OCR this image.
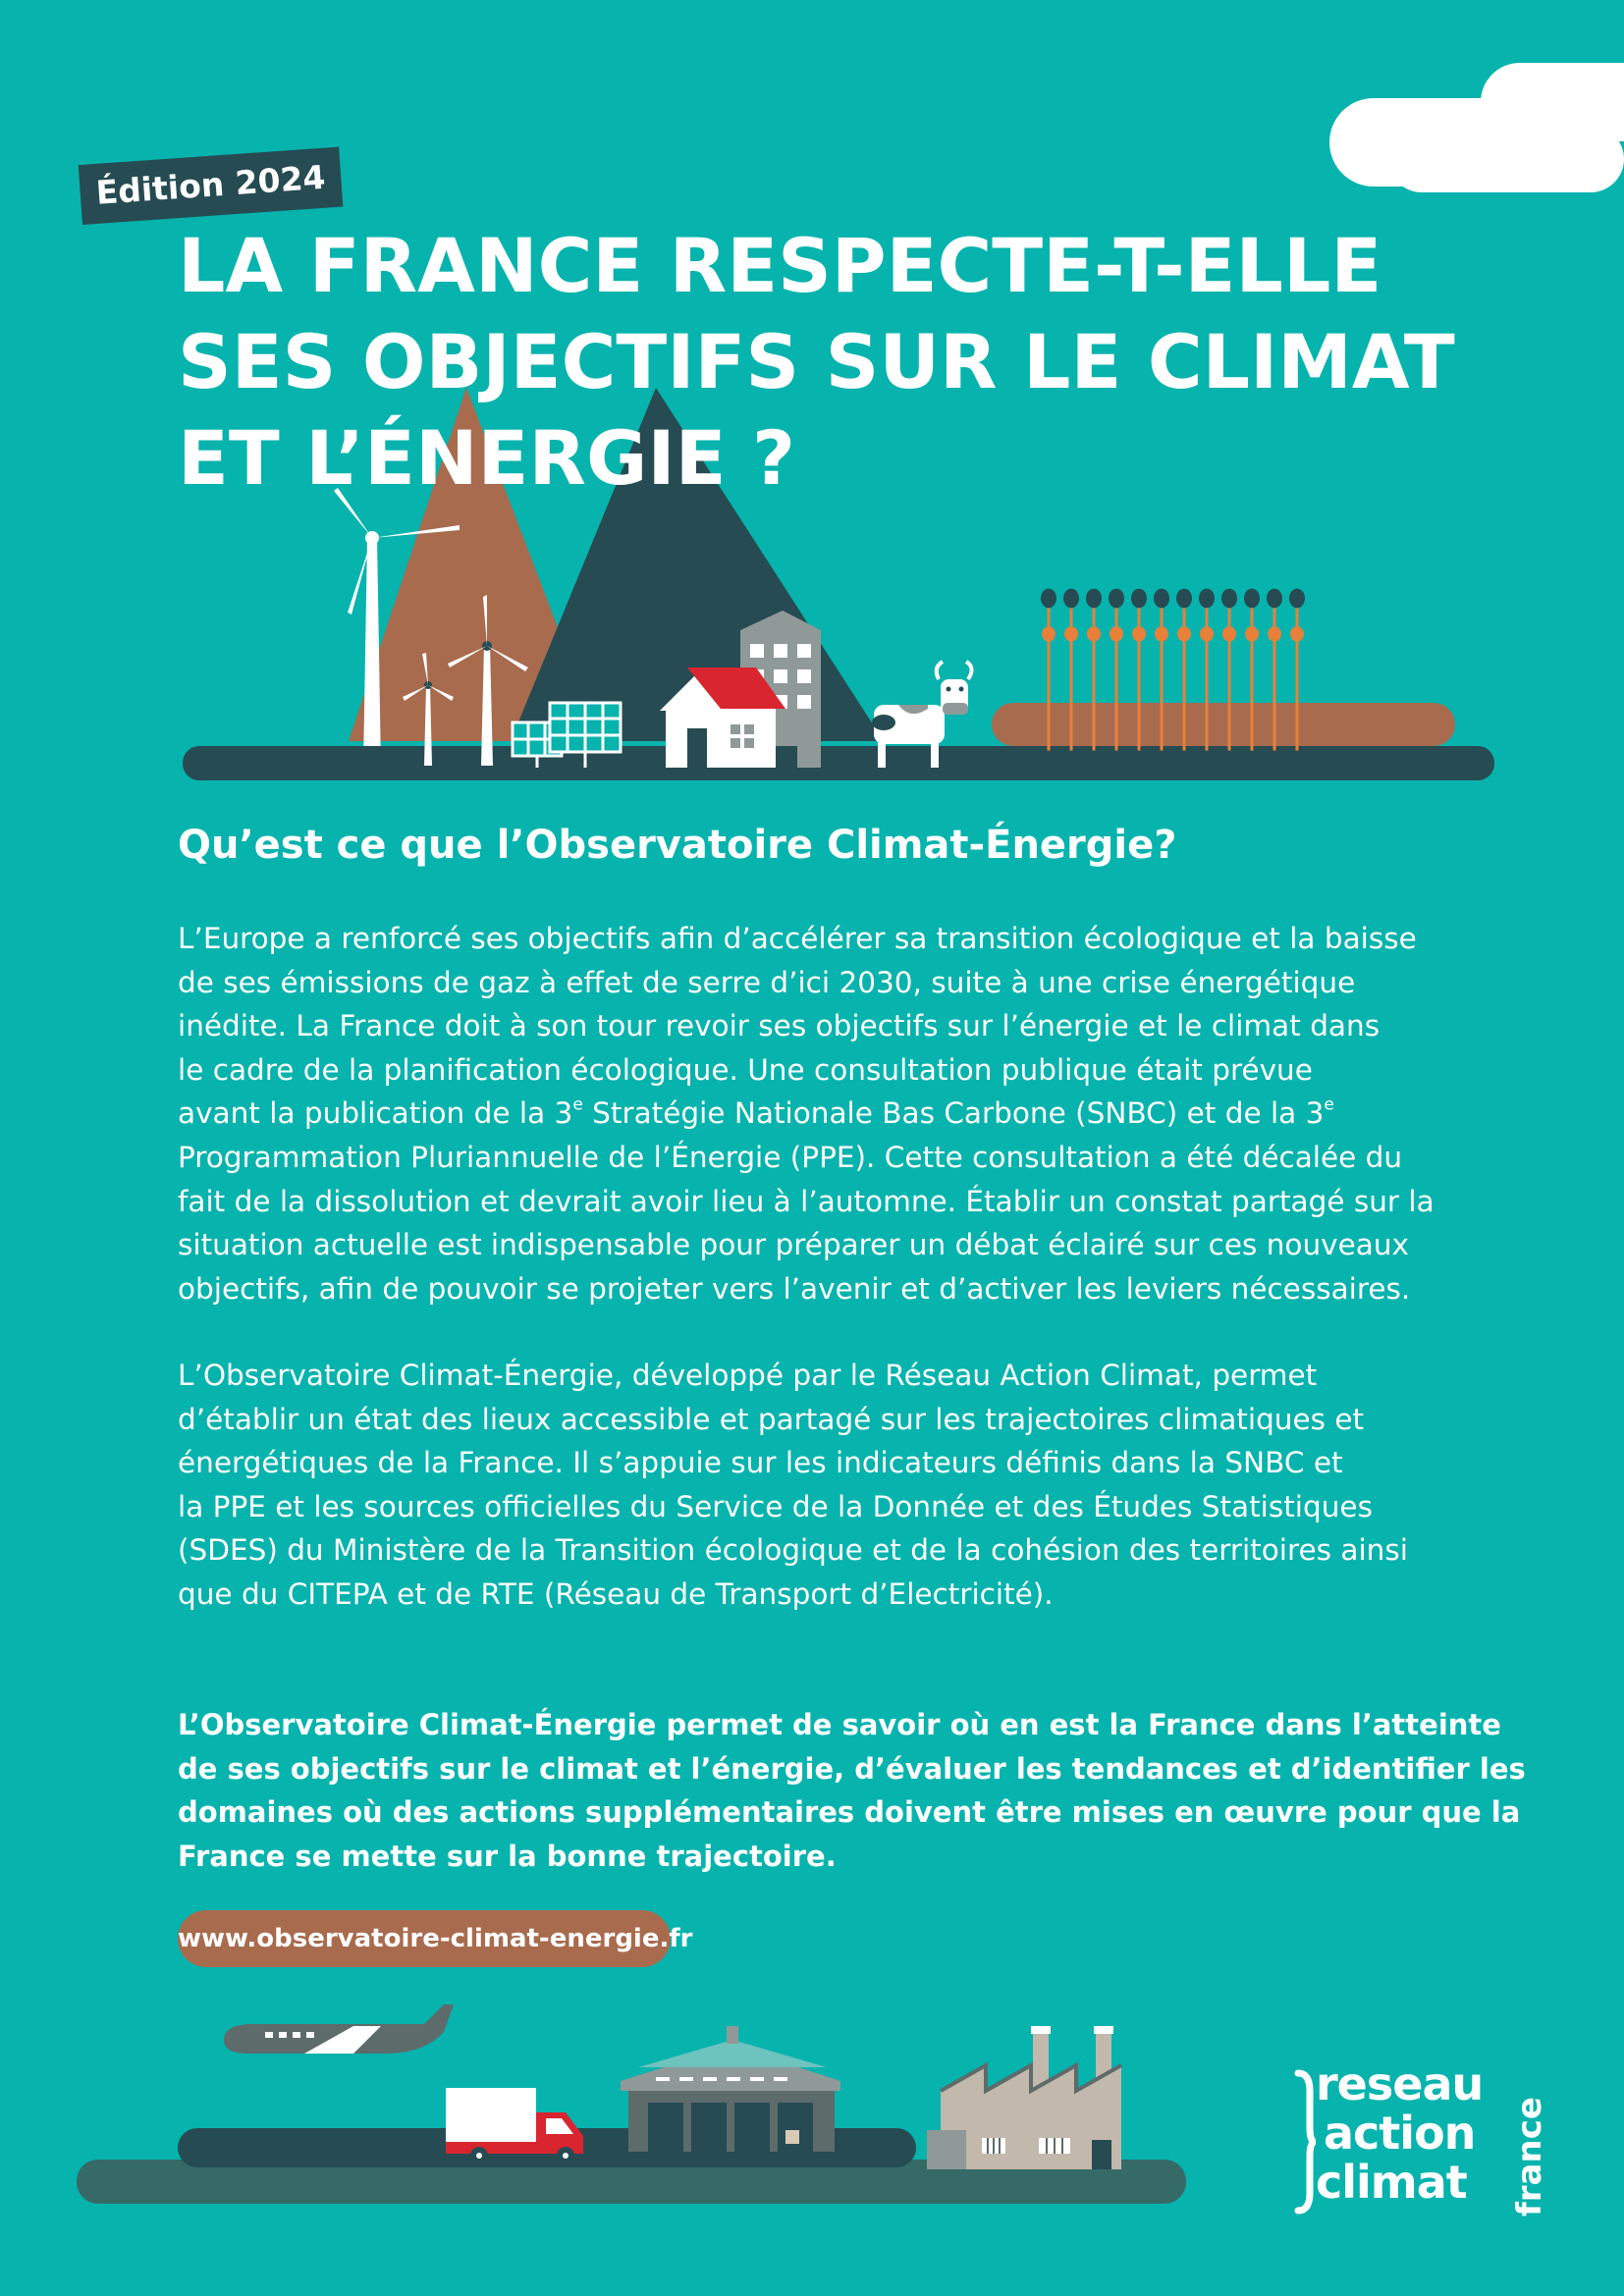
Édition 2024
LA FRANCE RESPECTE-T-ELLE
SES OBJECTIFS SUR LE CLIMAT
ET L’ÉNERGIE ?
Qu’est ce que l’Observatoire Climat-Énergie?
L’Europe a renforcé ses objectifs afin d’accélérer sa transition écologique et la baisse
de ses émissions de gaz à effet de serre d’ici 2030, suite à une crise énergétique
inédite. La France doit à son tour revoir ses objectifs sur l’énergie et le climat dans
le cadre de la planification écologique. Une consultation publique était prévue
avant la publication de la 3e Stratégie Nationale Bas Carbone (SNBC) et de la 3e
Programmation Pluriannuelle de l’Énergie (PPE). Cette consultation a été décalée du
fait de la dissolution et devrait avoir lieu à l’automne. Établir un constat partagé sur la
situation actuelle est indispensable pour préparer un débat éclairé sur ces nouveaux
objectifs, afin de pouvoir se projeter vers l’avenir et d’activer les leviers nécessaires.
L’Observatoire Climat-Énergie, développé par le Réseau Action Climat, permet
d’établir un état des lieux accessible et partagé sur les trajectoires climatiques et
énergétiques de la France. Il s’appuie sur les indicateurs définis dans la SNBC et
la PPE et les sources officielles du Service de la Donnée et des Études Statistiques
(SDES) du Ministère de la Transition écologique et de la cohésion des territoires ainsi
que du CITEPA et de RTE (Réseau de Transport d’Electricité).
L’Observatoire Climat-Énergie permet de savoir où en est la France dans l’atteinte
de ses objectifs sur le climat et l’énergie, d’évaluer les tendances et d’identifier les
domaines où des actions supplémentaires doivent être mises en œuvre pour que la
France se mette sur la bonne trajectoire.
www.observatoire-climat-energie.fr
reseau
action
climat france
